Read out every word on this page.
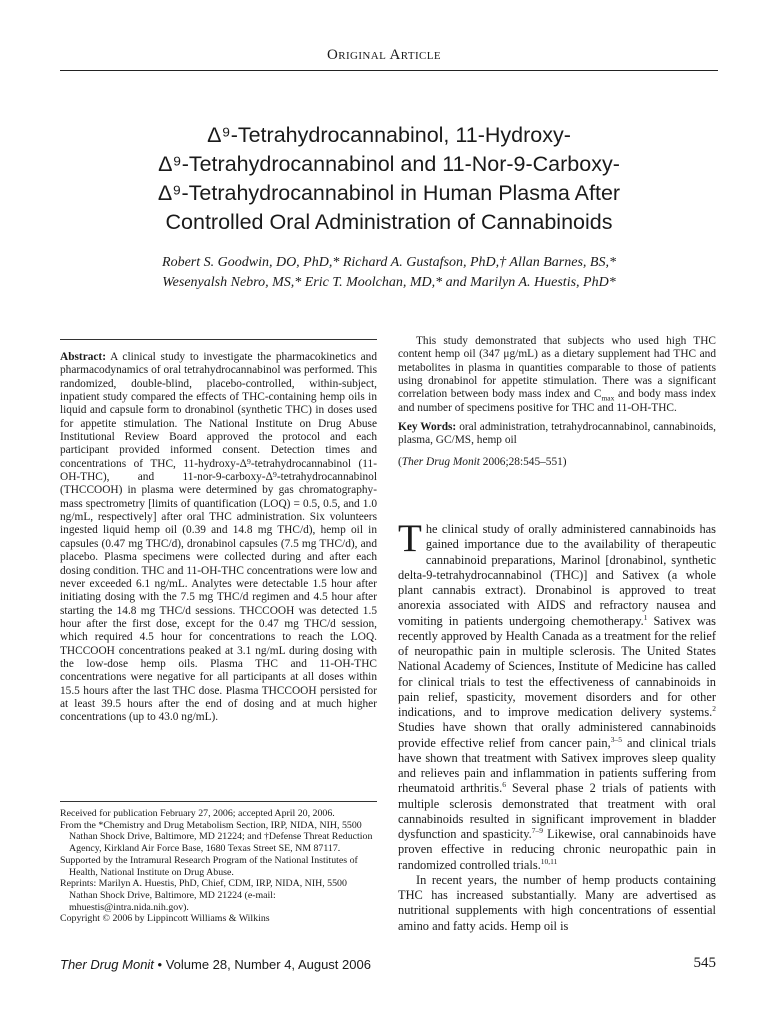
Original Article
Δ⁹-Tetrahydrocannabinol, 11-Hydroxy-
Δ⁹-Tetrahydrocannabinol and 11-Nor-9-Carboxy-
Δ⁹-Tetrahydrocannabinol in Human Plasma After
Controlled Oral Administration of Cannabinoids
Robert S. Goodwin, DO, PhD,* Richard A. Gustafson, PhD,† Allan Barnes, BS,*
Wesenyalsh Nebro, MS,* Eric T. Moolchan, MD,* and Marilyn A. Huestis, PhD*

Abstract: A clinical study to investigate the pharmacokinetics and pharmacodynamics of oral tetrahydrocannabinol was performed. This randomized, double-blind, placebo-controlled, within-subject, inpatient study compared the effects of THC-containing hemp oils in liquid and capsule form to dronabinol (synthetic THC) in doses used for appetite stimulation. The National Institute on Drug Abuse Institutional Review Board approved the protocol and each participant provided informed consent. Detection times and concentrations of THC, 11-hydroxy-Δ⁹-tetrahydrocannabinol (11-OH-THC), and 11-nor-9-carboxy-Δ⁹-tetrahydrocannabinol (THCCOOH) in plasma were determined by gas chromatography-mass spectrometry [limits of quantification (LOQ) = 0.5, 0.5, and 1.0 ng/mL, respectively] after oral THC administration. Six volunteers ingested liquid hemp oil (0.39 and 14.8 mg THC/d), hemp oil in capsules (0.47 mg THC/d), dronabinol capsules (7.5 mg THC/d), and placebo. Plasma specimens were collected during and after each dosing condition. THC and 11-OH-THC concentrations were low and never exceeded 6.1 ng/mL. Analytes were detectable 1.5 hour after initiating dosing with the 7.5 mg THC/d regimen and 4.5 hour after starting the 14.8 mg THC/d sessions. THCCOOH was detected 1.5 hour after the first dose, except for the 0.47 mg THC/d session, which required 4.5 hour for concentrations to reach the LOQ. THCCOOH concentrations peaked at 3.1 ng/mL during dosing with the low-dose hemp oils. Plasma THC and 11-OH-THC concentrations were negative for all participants at all doses within 15.5 hours after the last THC dose. Plasma THCCOOH persisted for at least 39.5 hours after the end of dosing and at much higher concentrations (up to 43.0 ng/mL).

Received for publication February 27, 2006; accepted April 20, 2006.

From the *Chemistry and Drug Metabolism Section, IRP, NIDA, NIH, 5500 Nathan Shock Drive, Baltimore, MD 21224; and †Defense Threat Reduction Agency, Kirkland Air Force Base, 1680 Texas Street SE, NM 87117.

Supported by the Intramural Research Program of the National Institutes of Health, National Institute on Drug Abuse.

Reprints: Marilyn A. Huestis, PhD, Chief, CDM, IRP, NIDA, NIH, 5500 Nathan Shock Drive, Baltimore, MD 21224 (e-mail: mhuestis@intra.nida.nih.gov).

Copyright © 2006 by Lippincott Williams & Wilkins

This study demonstrated that subjects who used high THC content hemp oil (347 μg/mL) as a dietary supplement had THC and metabolites in plasma in quantities comparable to those of patients using dronabinol for appetite stimulation. There was a significant correlation between body mass index and $C_{max}$ and body mass index and number of specimens positive for THC and 11-OH-THC.

Key Words: oral administration, tetrahydrocannabinol, cannabinoids, plasma, GC/MS, hemp oil

(Ther Drug Monit 2006;28:545–551)

The clinical study of orally administered cannabinoids has gained importance due to the availability of therapeutic cannabinoid preparations, Marinol [dronabinol, synthetic delta-9-tetrahydrocannabinol (THC)] and Sativex (a whole plant cannabis extract). Dronabinol is approved to treat anorexia associated with AIDS and refractory nausea and vomiting in patients undergoing chemotherapy.$^1$ Sativex was recently approved by Health Canada as a treatment for the relief of neuropathic pain in multiple sclerosis. The United States National Academy of Sciences, Institute of Medicine has called for clinical trials to test the effectiveness of cannabinoids in pain relief, spasticity, movement disorders and for other indications, and to improve medication delivery systems.$^2$ Studies have shown that orally administered cannabinoids provide effective relief from cancer pain,$^{3-5}$ and clinical trials have shown that treatment with Sativex improves sleep quality and relieves pain and inflammation in patients suffering from rheumatoid arthritis.$^6$ Several phase 2 trials of patients with multiple sclerosis demonstrated that treatment with oral cannabinoids resulted in significant improvement in bladder dysfunction and spasticity.$^{7-9}$ Likewise, oral cannabinoids have proven effective in reducing chronic neuropathic pain in randomized controlled trials.$^{10,11}$

In recent years, the number of hemp products containing THC has increased substantially. Many are advertised as nutritional supplements with high concentrations of essential amino and fatty acids. Hemp oil is

Ther Drug Monit • Volume 28, Number 4, August 2006	545
